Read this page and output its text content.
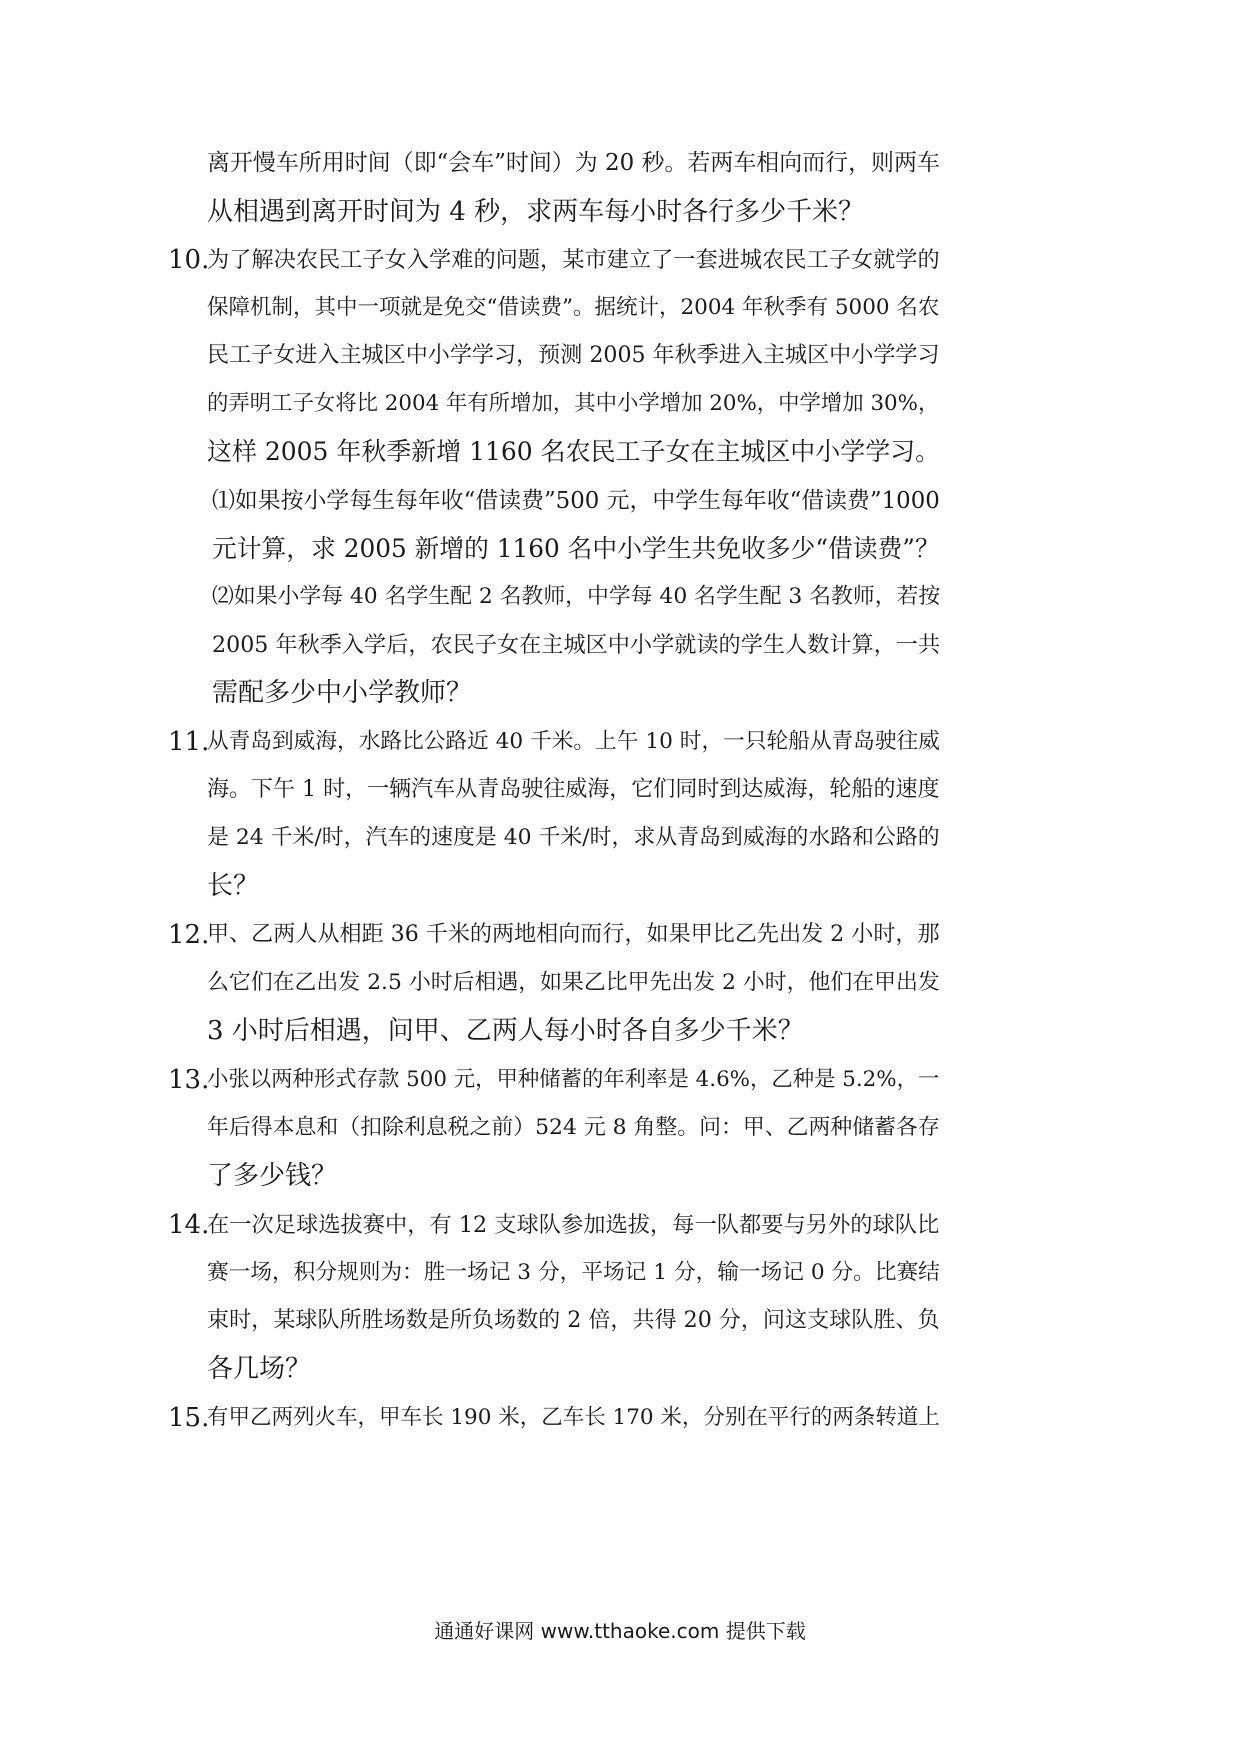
离开慢车所用时间（即“会车”时间）为 20 秒。若两车相向而行，则两车
从相遇到离开时间为 4 秒，求两车每小时各行多少千米？
10.
为了解决农民工子女入学难的问题，某市建立了一套进城农民工子女就学的
保障机制，其中一项就是免交“借读费”。据统计，2004 年秋季有 5000 名农
民工子女进入主城区中小学学习，预测 2005 年秋季进入主城区中小学学习
的弄明工子女将比 2004 年有所增加，其中小学增加 20%，中学增加 30%，
这样 2005 年秋季新增 1160 名农民工子女在主城区中小学学习。
⑴如果按小学每生每年收“借读费”500 元，中学生每年收“借读费”1000
元计算，求 2005 新增的 1160 名中小学生共免收多少“借读费”？
⑵如果小学每 40 名学生配 2 名教师，中学每 40 名学生配 3 名教师，若按
2005 年秋季入学后，农民子女在主城区中小学就读的学生人数计算，一共
需配多少中小学教师？
11.
从青岛到威海，水路比公路近 40 千米。上午 10 时，一只轮船从青岛驶往威
海。下午 1 时，一辆汽车从青岛驶往威海，它们同时到达威海，轮船的速度
是 24 千米/时，汽车的速度是 40 千米/时，求从青岛到威海的水路和公路的
长？
12.
甲、乙两人从相距 36 千米的两地相向而行，如果甲比乙先出发 2 小时，那
么它们在乙出发 2.5 小时后相遇，如果乙比甲先出发 2 小时，他们在甲出发
3 小时后相遇，问甲、乙两人每小时各自多少千米？
13.
小张以两种形式存款 500 元，甲种储蓄的年利率是 4.6%，乙种是 5.2%，一
年后得本息和（扣除利息税之前）524 元 8 角整。问：甲、乙两种储蓄各存
了多少钱？
14.
在一次足球选拔赛中，有 12 支球队参加选拔，每一队都要与另外的球队比
赛一场，积分规则为：胜一场记 3 分，平场记 1 分，输一场记 0 分。比赛结
束时，某球队所胜场数是所负场数的 2 倍，共得 20 分，问这支球队胜、负
各几场？
15.
有甲乙两列火车，甲车长 190 米，乙车长 170 米，分别在平行的两条转道上
通通好课网 www.tthaoke.com 提供下载
